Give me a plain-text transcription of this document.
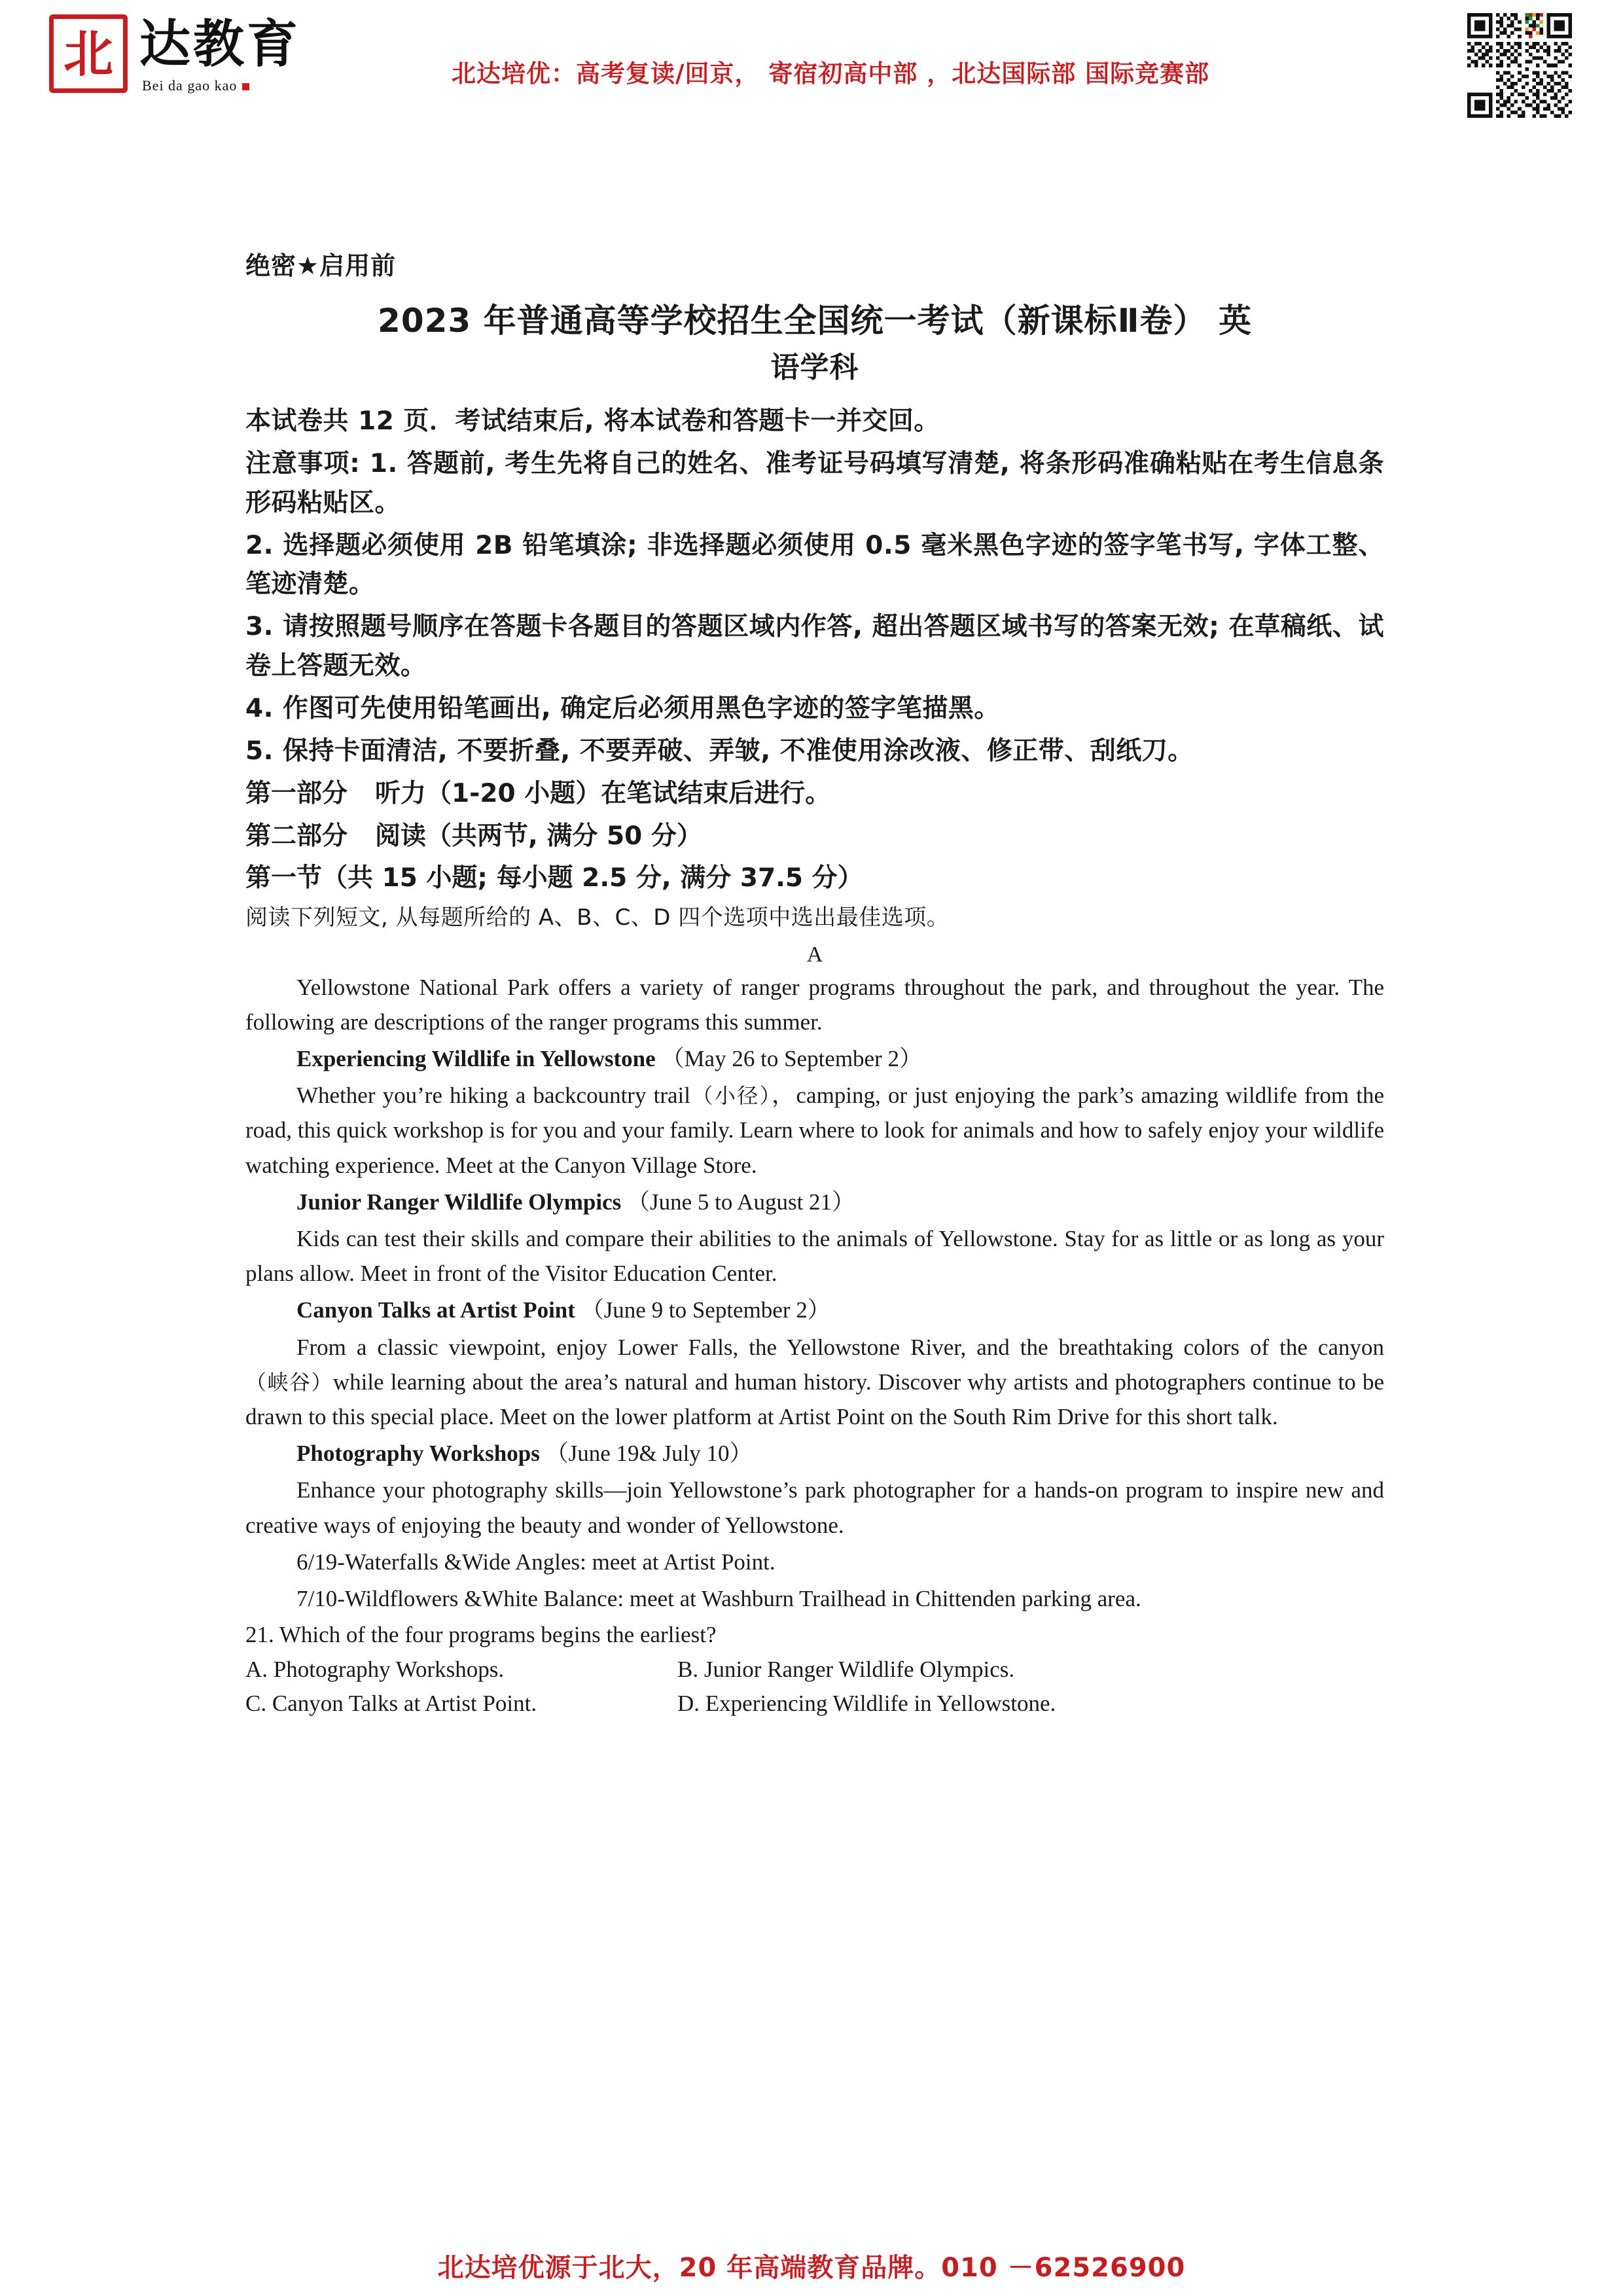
北 达教育
Bei da gao kao	北达培优：高考复读/回京， 寄宿初高中部 ，北达国际部 国际竞赛部
绝密★启用前
2023 年普通高等学校招生全国统一考试（新课标Ⅱ卷） 英
语学科

本试卷共 12 页．考试结束后, 将本试卷和答题卡一并交回。

注意事项: 1. 答题前, 考生先将自己的姓名、准考证号码填写清楚, 将条形码准确粘贴在考生信息条形码粘贴区。

2. 选择题必须使用 2B 铅笔填涂; 非选择题必须使用 0.5 毫米黑色字迹的签字笔书写, 字体工整、笔迹清楚。

3. 请按照题号顺序在答题卡各题目的答题区域内作答, 超出答题区域书写的答案无效; 在草稿纸、试卷上答题无效。

4. 作图可先使用铅笔画出, 确定后必须用黑色字迹的签字笔描黑。

5. 保持卡面清洁, 不要折叠, 不要弄破、弄皱, 不准使用涂改液、修正带、刮纸刀。

第一部分 听力（1-20 小题）在笔试结束后进行。

第二部分 阅读（共两节, 满分 50 分）

第一节（共 15 小题; 每小题 2.5 分, 满分 37.5 分）

阅读下列短文, 从每题所给的 A、B、C、D 四个选项中选出最佳选项。

A

Yellowstone National Park offers a variety of ranger programs throughout the park, and throughout the year. The following are descriptions of the ranger programs this summer.

Experiencing Wildlife in Yellowstone （May 26 to September 2）

Whether you’re hiking a backcountry trail（小径），camping, or just enjoying the park’s amazing wildlife from the road, this quick workshop is for you and your family. Learn where to look for animals and how to safely enjoy your wildlife watching experience. Meet at the Canyon Village Store.

Junior Ranger Wildlife Olympics （June 5 to August 21）

Kids can test their skills and compare their abilities to the animals of Yellowstone. Stay for as little or as long as your plans allow. Meet in front of the Visitor Education Center.

Canyon Talks at Artist Point （June 9 to September 2）

From a classic viewpoint, enjoy Lower Falls, the Yellowstone River, and the breathtaking colors of the canyon（峡谷）while learning about the area’s natural and human history. Discover why artists and photographers continue to be drawn to this special place. Meet on the lower platform at Artist Point on the South Rim Drive for this short talk.

Photography Workshops （June 19& July 10）

Enhance your photography skills—join Yellowstone’s park photographer for a hands-on program to inspire new and creative ways of enjoying the beauty and wonder of Yellowstone.

6/19-Waterfalls &Wide Angles: meet at Artist Point.

7/10-Wildflowers &White Balance: meet at Washburn Trailhead in Chittenden parking area.

21. Which of the four programs begins the earliest?

A. Photography Workshops.	B. Junior Ranger Wildlife Olympics.
C. Canyon Talks at Artist Point.	D. Experiencing Wildlife in Yellowstone.
北达培优源于北大，20 年高端教育品牌。010 －62526900
